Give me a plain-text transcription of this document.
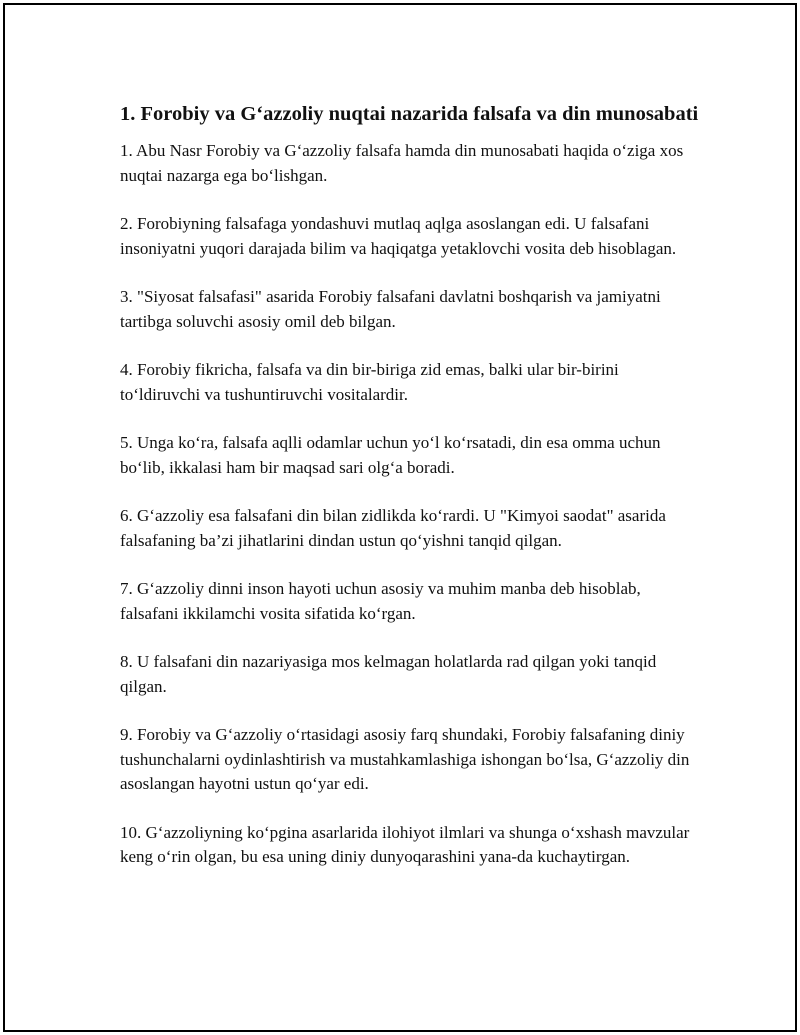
1. Forobiy va G‘azzoliy nuqtai nazarida falsafa va din munosabati

1. Abu Nasr Forobiy va G‘azzoliy falsafa hamda din munosabati haqida o‘ziga xos nuqtai nazarga ega bo‘lishgan.

2. Forobiyning falsafaga yondashuvi mutlaq aqlga asoslangan edi. U falsafani insoniyatni yuqori darajada bilim va haqiqatga yetaklovchi vosita deb hisoblagan.

3. "Siyosat falsafasi" asarida Forobiy falsafani davlatni boshqarish va jamiyatni tartibga soluvchi asosiy omil deb bilgan.

4. Forobiy fikricha, falsafa va din bir-biriga zid emas, balki ular bir-birini to‘ldiruvchi va tushuntiruvchi vositalardir.

5. Unga ko‘ra, falsafa aqlli odamlar uchun yo‘l ko‘rsatadi, din esa omma uchun bo‘lib, ikkalasi ham bir maqsad sari olg‘a boradi.

6. G‘azzoliy esa falsafani din bilan zidlikda ko‘rardi. U "Kimyoi saodat" asarida falsafaning ba’zi jihatlarini dindan ustun qo‘yishni tanqid qilgan.

7. G‘azzoliy dinni inson hayoti uchun asosiy va muhim manba deb hisoblab, falsafani ikkilamchi vosita sifatida ko‘rgan.

8. U falsafani din nazariyasiga mos kelmagan holatlarda rad qilgan yoki tanqid qilgan.

9. Forobiy va G‘azzoliy o‘rtasidagi asosiy farq shundaki, Forobiy falsafaning diniy tushunchalarni oydinlashtirish va mustahkamlashiga ishongan bo‘lsa, G‘azzoliy din asoslangan hayotni ustun qo‘yar edi.

10. G‘azzoliyning ko‘pgina asarlarida ilohiyot ilmlari va shunga o‘xshash mavzular keng o‘rin olgan, bu esa uning diniy dunyoqarashini yana-da kuchaytirgan.
